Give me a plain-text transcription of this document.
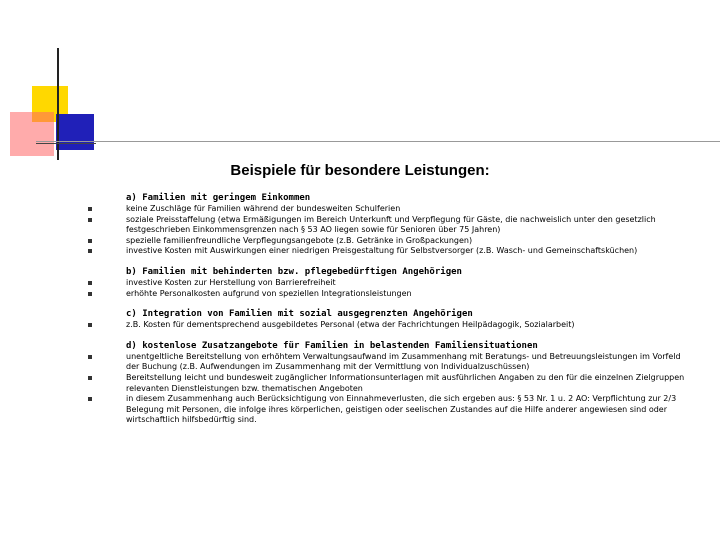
Beispiele für besondere Leistungen:
a) Familien mit geringem Einkommen
keine Zuschläge für Familien während der bundesweiten Schulferien
soziale Preisstaffelung (etwa Ermäßigungen im Bereich Unterkunft und Verpflegung für Gäste, die nachweislich unter den gesetzlich festgeschrieben Einkommensgrenzen nach § 53 AO liegen sowie für Senioren über 75 Jahren)
spezielle familienfreundliche Verpflegungsangebote (z.B. Getränke in Großpackungen)
investive Kosten mit Auswirkungen einer niedrigen Preisgestaltung für Selbstversorger (z.B. Wasch- und Gemeinschaftsküchen)
b) Familien mit behinderten bzw. pflegebedürftigen Angehörigen
investive Kosten zur Herstellung von Barrierefreiheit
erhöhte Personalkosten aufgrund von speziellen Integrationsleistungen
c) Integration von Familien mit sozial ausgegrenzten Angehörigen
z.B. Kosten für dementsprechend ausgebildetes Personal (etwa der Fachrichtungen Heilpädagogik, Sozialarbeit)
d) kostenlose Zusatzangebote für Familien in belastenden Familiensituationen
unentgeltliche Bereitstellung von erhöhtem Verwaltungsaufwand im Zusammenhang mit Beratungs- und Betreuungsleistungen im Vorfeld der Buchung (z.B. Aufwendungen im Zusammenhang mit der Vermittlung von Individualzuschüssen)
Bereitstellung leicht und bundesweit zugänglicher Informationsunterlagen mit ausführlichen Angaben zu den für die einzelnen Zielgruppen relevanten Dienstleistungen bzw. thematischen Angeboten
in diesem Zusammenhang auch Berücksichtigung von Einnahmeverlusten, die sich ergeben aus: § 53 Nr. 1 u. 2 AO: Verpflichtung zur 2/3 Belegung mit Personen, die infolge ihres körperlichen, geistigen oder seelischen Zustandes auf die Hilfe anderer angewiesen sind oder wirtschaftlich hilfsbedürftig sind.
